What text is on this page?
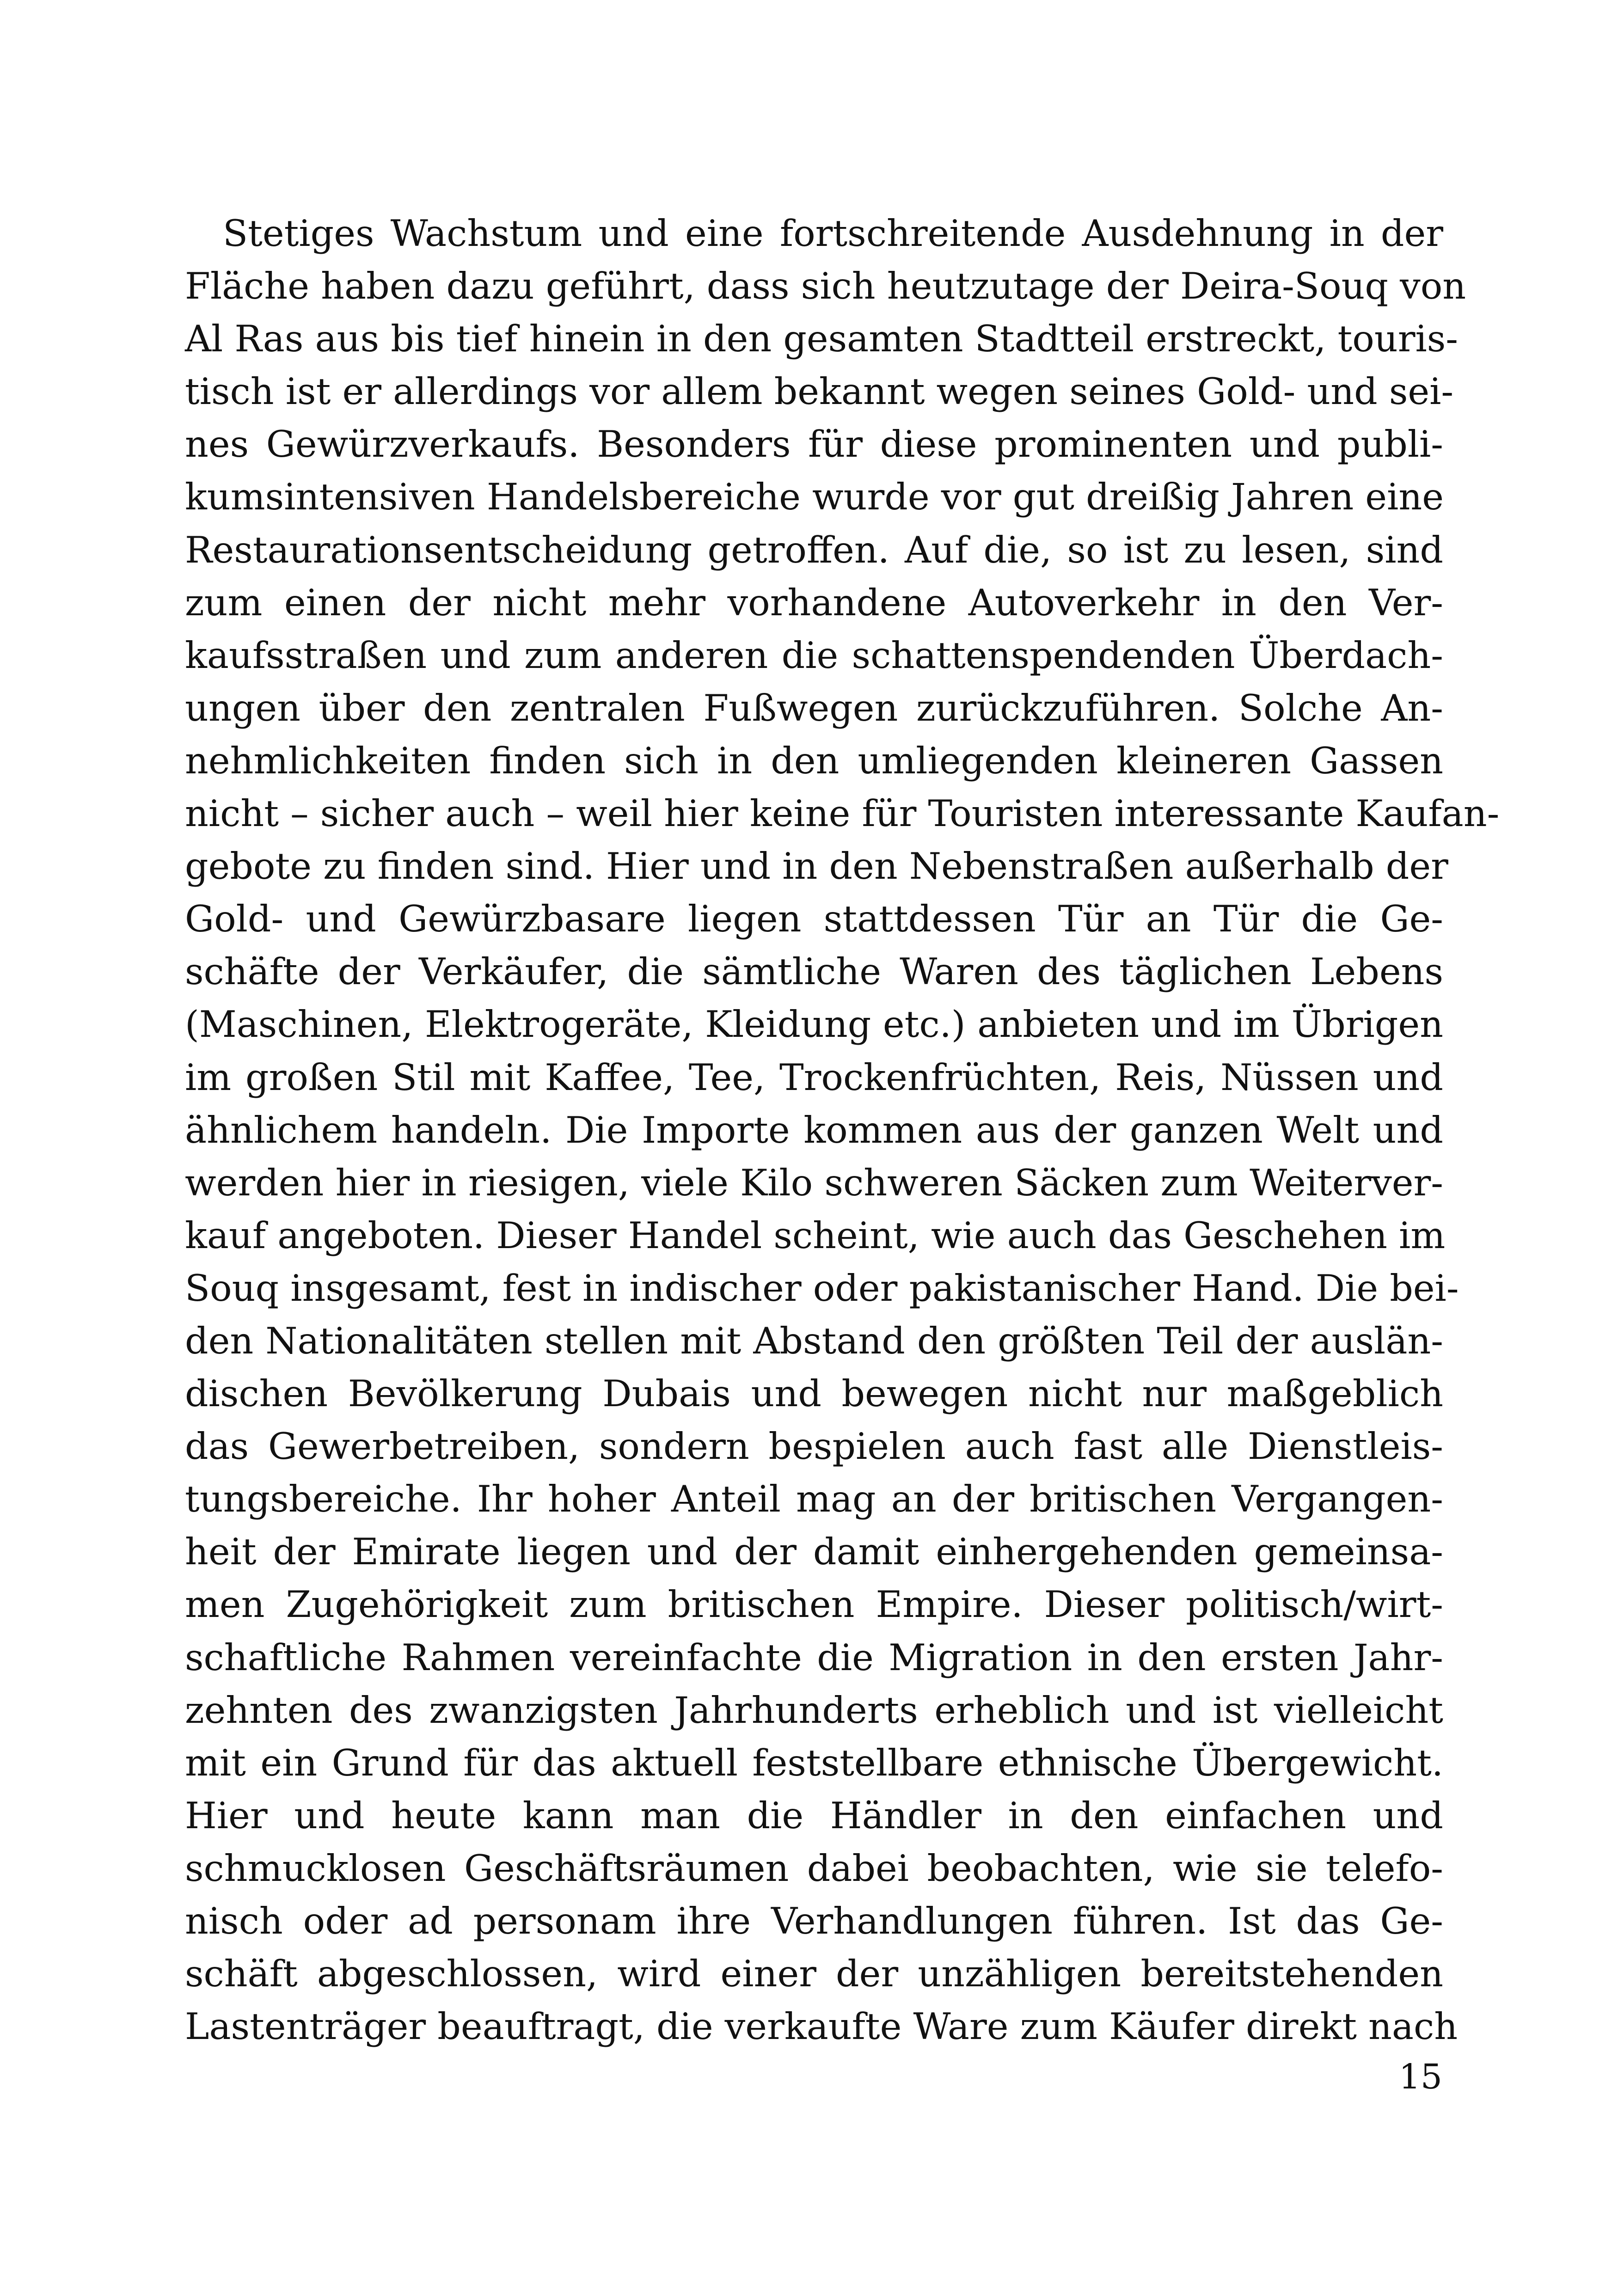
Stetiges Wachstum und eine fortschreitende Ausdehnung in der
Fläche haben dazu geführt, dass sich heutzutage der Deira-Souq von
Al Ras aus bis tief hinein in den gesamten Stadtteil erstreckt, touris-
tisch ist er allerdings vor allem bekannt wegen seines Gold- und sei-
nes Gewürzverkaufs. Besonders für diese prominenten und publi-
kumsintensiven Handelsbereiche wurde vor gut dreißig Jahren eine
Restaurationsentscheidung getroffen. Auf die, so ist zu lesen, sind
zum einen der nicht mehr vorhandene Autoverkehr in den Ver-
kaufsstraßen und zum anderen die schattenspendenden Überdach-
ungen über den zentralen Fußwegen zurückzuführen. Solche An-
nehmlichkeiten finden sich in den umliegenden kleineren Gassen
nicht – sicher auch – weil hier keine für Touristen interessante Kaufan-
gebote zu finden sind. Hier und in den Nebenstraßen außerhalb der
Gold- und Gewürzbasare liegen stattdessen Tür an Tür die Ge-
schäfte der Verkäufer, die sämtliche Waren des täglichen Lebens
(Maschinen, Elektrogeräte, Kleidung etc.) anbieten und im Übrigen
im großen Stil mit Kaffee, Tee, Trockenfrüchten, Reis, Nüssen und
ähnlichem handeln. Die Importe kommen aus der ganzen Welt und
werden hier in riesigen, viele Kilo schweren Säcken zum Weiterver-
kauf angeboten. Dieser Handel scheint, wie auch das Geschehen im
Souq insgesamt, fest in indischer oder pakistanischer Hand. Die bei-
den Nationalitäten stellen mit Abstand den größten Teil der auslän-
dischen Bevölkerung Dubais und bewegen nicht nur maßgeblich
das Gewerbetreiben, sondern bespielen auch fast alle Dienstleis-
tungsbereiche. Ihr hoher Anteil mag an der britischen Vergangen-
heit der Emirate liegen und der damit einhergehenden gemeinsa-
men Zugehörigkeit zum britischen Empire. Dieser politisch/wirt-
schaftliche Rahmen vereinfachte die Migration in den ersten Jahr-
zehnten des zwanzigsten Jahrhunderts erheblich und ist vielleicht
mit ein Grund für das aktuell feststellbare ethnische Übergewicht.
Hier und heute kann man die Händler in den einfachen und
schmucklosen Geschäftsräumen dabei beobachten, wie sie telefo-
nisch oder ad personam ihre Verhandlungen führen. Ist das Ge-
schäft abgeschlossen, wird einer der unzähligen bereitstehenden
Lastenträger beauftragt, die verkaufte Ware zum Käufer direkt nach
15
